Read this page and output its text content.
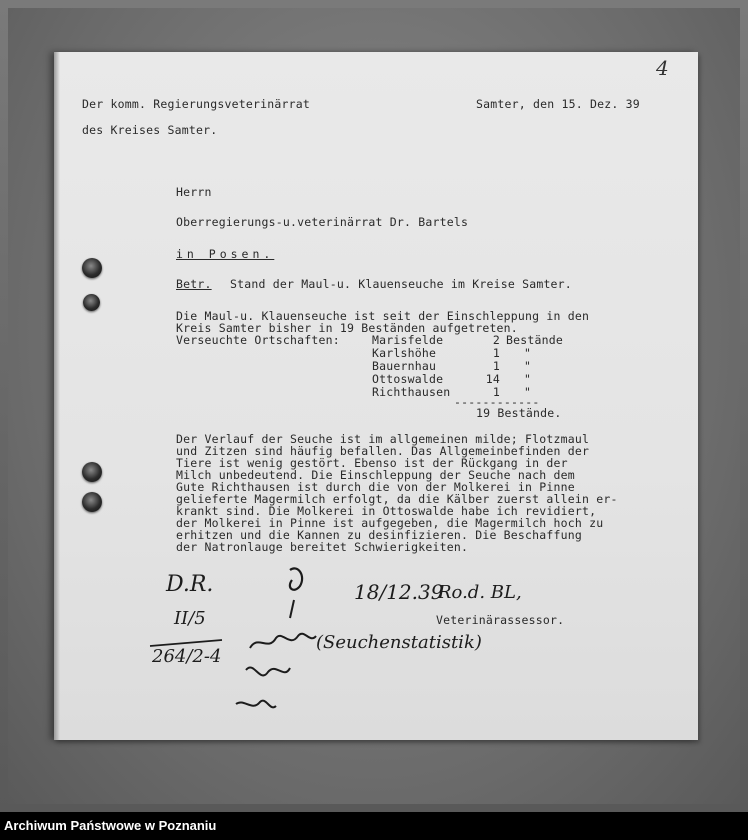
Der komm. Regierungsveterinärrat
des Kreises Samter.
Samter, den 15. Dez. 39
4
Herrn
Oberregierungs-u.veterinärrat Dr. Bartels
in Posen.
Betr. Stand der Maul-u. Klauenseuche im Kreise Samter.
Die Maul-u. Klauenseuche ist seit der Einschleppung in den
Kreis Samter bisher in 19 Beständen aufgetreten.
Verseuchte Ortschaften:	Marisfelde	2 Bestände
Karlshöhe	1 "
Bauernhau	1 "
Ottoswalde	14 "
Richthausen	1 "
------------
19 Bestände.
Der Verlauf der Seuche ist im allgemeinen milde; Flotzmaul
und Zitzen sind häufig befallen. Das Allgemeinbefinden der
Tiere ist wenig gestört. Ebenso ist der Rückgang in der
Milch unbedeutend. Die Einschleppung der Seuche nach dem
Gute Richthausen ist durch die von der Molkerei in Pinne
gelieferte Magermilch erfolgt, da die Kälber zuerst allein er-
krankt sind. Die Molkerei in Ottoswalde habe ich revidiert,
der Molkerei in Pinne ist aufgegeben, die Magermilch hoch zu
erhitzen und die Kannen zu desinfizieren. Die Beschaffung
der Natronlauge bereitet Schwierigkeiten.
Veterinärassessor.
D.R.	18/12.39
Ro.d. BL,
II/5
264/2-4
(Seuchenstatistik)
Archiwum Państwowe w Poznaniu
